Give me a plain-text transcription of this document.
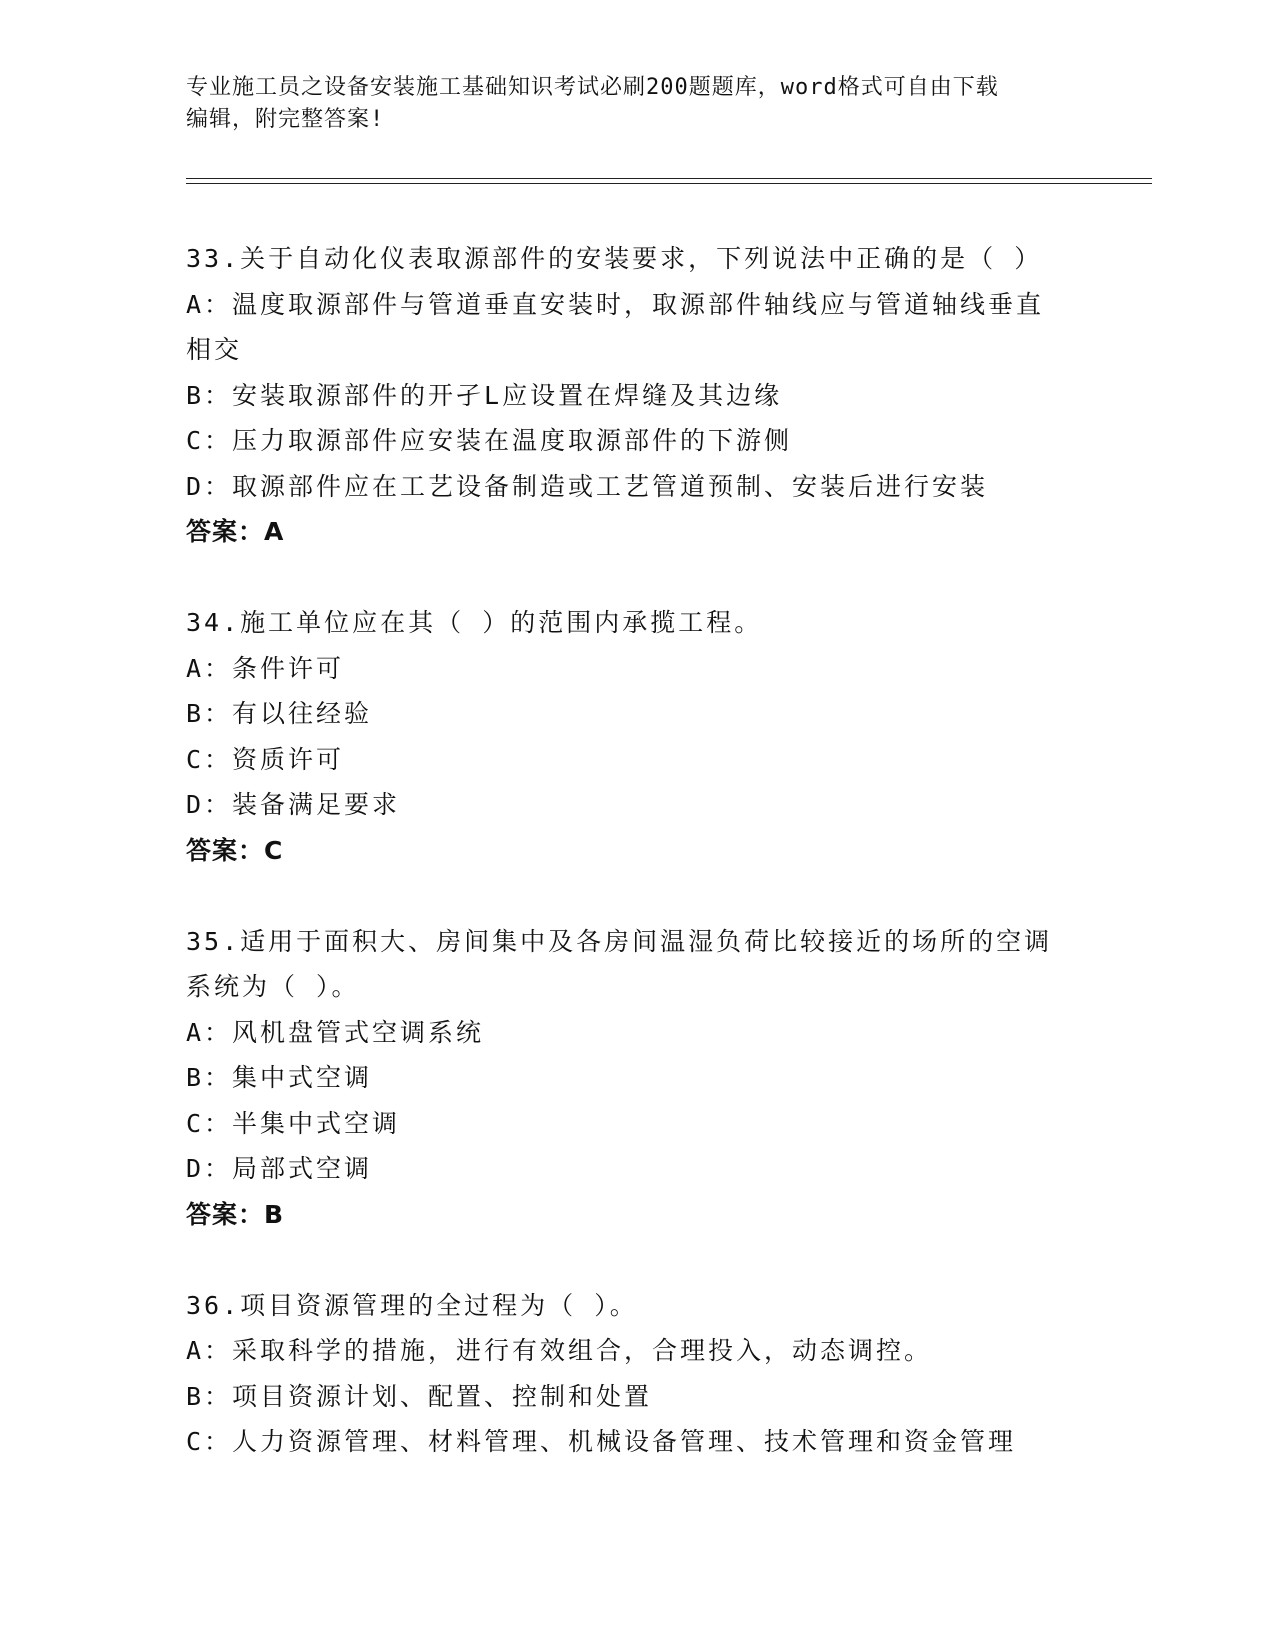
专业施工员之设备安装施工基础知识考试必刷200题题库，word格式可自由下载
编辑，附完整答案!
33.关于自动化仪表取源部件的安装要求，下列说法中正确的是（ ）
A：温度取源部件与管道垂直安装时，取源部件轴线应与管道轴线垂直
相交
B：安装取源部件的开孑L应设置在焊缝及其边缘
C：压力取源部件应安装在温度取源部件的下游侧
D：取源部件应在工艺设备制造或工艺管道预制、安装后进行安装
答案：A
34.施工单位应在其（ ）的范围内承揽工程。
A：条件许可
B：有以往经验
C：资质许可
D：装备满足要求
答案：C
35.适用于面积大、房间集中及各房间温湿负荷比较接近的场所的空调
系统为（ ）。
A：风机盘管式空调系统
B：集中式空调
C：半集中式空调
D：局部式空调
答案：B
36.项目资源管理的全过程为（ ）。
A：采取科学的措施，进行有效组合，合理投入，动态调控。
B：项目资源计划、配置、控制和处置
C：人力资源管理、材料管理、机械设备管理、技术管理和资金管理
